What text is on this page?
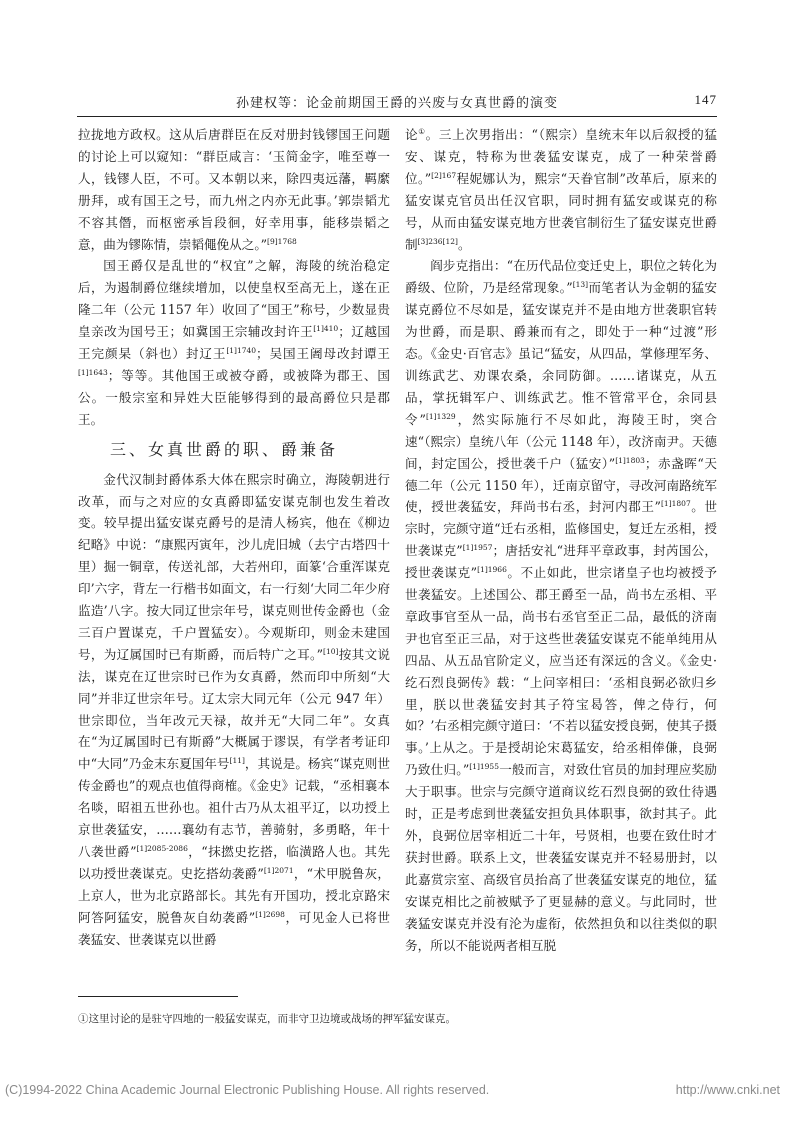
孙建权等：论金前期国王爵的兴废与女真世爵的演变	147

拉拢地方政权。这从后唐群臣在反对册封钱镠国王问题的讨论上可以窥知：“群臣咸言：‘玉简金字，唯至尊一人，钱镠人臣，不可。又本朝以来，除四夷远藩，羁縻册拜，或有国王之号，而九州之内亦无此事。’郭崇韬尤不容其僭，而枢密承旨段徊，好幸用事，能移崇韬之意，曲为镠陈情，崇韬僶俛从之。”$^{[9]1768}$

国王爵仅是乱世的“权宜”之解，海陵的统治稳定后，为遏制爵位继续增加，以使皇权至高无上，遂在正隆二年（公元 1157 年）收回了“国王”称号，少数显贵皇亲改为国号王；如冀国王宗辅改封许王$^{[1]410}$；辽越国王完颜杲（斜也）封辽王$^{[1]1740}$；吴国王阇母改封谭王$^{[1]1643}$；等等。其他国王或被夺爵，或被降为郡王、国公。一般宗室和异姓大臣能够得到的最高爵位只是郡王。

三、女真世爵的职、爵兼备

金代汉制封爵体系大体在熙宗时确立，海陵朝进行改革，而与之对应的女真爵即猛安谋克制也发生着改变。较早提出猛安谋克爵号的是清人杨宾，他在《柳边纪略》中说：“康熙丙寅年，沙儿虎旧城（去宁古塔四十里）掘一铜章，传送礼部，大若州印，面篆‘合重浑谋克印’六字，背左一行楷书如面文，右一行刻‘大同二年少府监造’八字。按大同辽世宗年号，谋克则世传金爵也（金三百户置谋克，千户置猛安）。今观斯印，则金未建国号，为辽属国时已有斯爵，而后特广之耳。”[10]按其文说法，谋克在辽世宗时已作为女真爵，然而印中所刻“大同”并非辽世宗年号。辽太宗大同元年（公元 947 年）世宗即位，当年改元天禄，故并无“大同二年”。女真在“为辽属国时已有斯爵”大概属于谬误，有学者考证印中“大同”乃金末东夏国年号[11]，其说是。杨宾“谋克则世传金爵也”的观点也值得商榷。《金史》记载，“丞相襄本名啖，昭祖五世孙也。祖什古乃从太祖平辽，以功授上京世袭猛安，……襄幼有志节，善骑射，多勇略，年十八袭世爵”$^{[1]2085-2086}$，“抹撚史扢搭，临潢路人也。其先以功授世袭谋克。史扢搭幼袭爵”$^{[1]2071}$，“术甲脱鲁灰，上京人，世为北京路部长。其先有开国功，授北京路宋阿答阿猛安，脱鲁灰自幼袭爵”$^{[1]2698}$，可见金人已将世袭猛安、世袭谋克以世爵

论①。三上次男指出：“（熙宗）皇统末年以后叙授的猛安、谋克，特称为世袭猛安谋克，成了一种荣誉爵位。”$^{[2]167}$程妮娜认为，熙宗“天眷官制”改革后，原来的猛安谋克官员出任汉官职，同时拥有猛安或谋克的称号，从而由猛安谋克地方世袭官制衍生了猛安谋克世爵制[3]236[12]。

阎步克指出：“在历代品位变迁史上，职位之转化为爵级、位阶，乃是经常现象。”[13]而笔者认为金朝的猛安谋克爵位不尽如是，猛安谋克并不是由地方世袭职官转为世爵，而是职、爵兼而有之，即处于一种“过渡”形态。《金史·百官志》虽记“猛安，从四品，掌修理军务、训练武艺、劝课农桑，余同防御。……诸谋克，从五品，掌抚辑军户、训练武艺。惟不管常平仓，余同县令”$^{[1]1329}$，然实际施行不尽如此，海陵王时，突合速“（熙宗）皇统八年（公元 1148 年），改济南尹。天德间，封定国公，授世袭千户（猛安）”$^{[1]1803}$；赤盏晖“天德二年（公元 1150 年），迁南京留守，寻改河南路统军使，授世袭猛安，拜尚书右丞，封河内郡王”$^{[1]1807}$。世宗时，完颜守道“迁右丞相，监修国史，复迁左丞相，授世袭谋克”$^{[1]1957}$；唐括安礼“进拜平章政事，封芮国公，授世袭谋克”$^{[1]1966}$。不止如此，世宗诸皇子也均被授予世袭猛安。上述国公、郡王爵至一品，尚书左丞相、平章政事官至从一品，尚书右丞官至正二品，最低的济南尹也官至正三品，对于这些世袭猛安谋克不能单纯用从四品、从五品官阶定义，应当还有深远的含义。《金史·纥石烈良弼传》载：“上问宰相曰：‘丞相良弼必欲归乡里，朕以世袭猛安封其子符宝曷答，俾之侍行，何如？’右丞相完颜守道曰：‘不若以猛安授良弼，使其子摄事。’上从之。于是授胡论宋葛猛安，给丞相俸傔，良弼乃致仕归。”$^{[1]1955}$一般而言，对致仕官员的加封理应奖励大于职事。世宗与完颜守道商议纥石烈良弼的致仕待遇时，正是考虑到世袭猛安担负具体职事，欲封其子。此外，良弼位居宰相近二十年，号贤相，也要在致仕时才获封世爵。联系上文，世袭猛安谋克并不轻易册封，以此嘉赏宗室、高级官员抬高了世袭猛安谋克的地位，猛安谋克相比之前被赋予了更显赫的意义。与此同时，世袭猛安谋克并没有沦为虚衔，依然担负和以往类似的职务，所以不能说两者相互脱

①这里讨论的是驻守四地的一般猛安谋克，而非守卫边境或战场的押军猛安谋克。
(C)1994-2022 China Academic Journal Electronic Publishing House. All rights reserved.	http://www.cnki.net
